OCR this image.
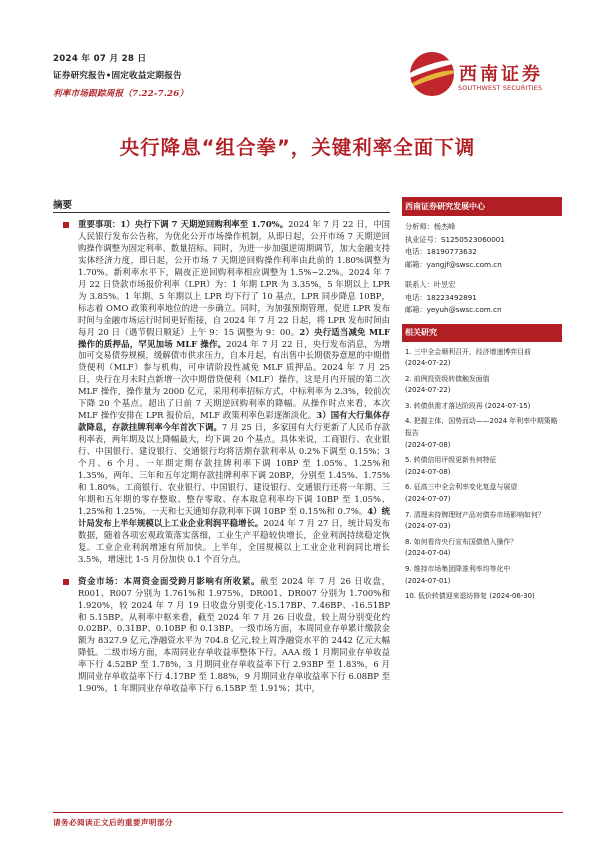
2024 年 07 月 28 日
证券研究报告•固定收益定期报告
利率市场跟踪周报（7.22-7.26）
西南证券
SOUTHWEST SECURITIES
央行降息“组合拳”，关键利率全面下调
摘要
重要事项：1）央行下调 7 天期逆回购利率至 1.70%。2024 年 7 月 22 日，中国人民银行发布公告称，为优化公开市场操作机制，从即日起，公开市场 7 天期逆回购操作调整为固定利率、数量招标。同时，为进一步加强逆周期调节，加大金融支持实体经济力度，即日起，公开市场 7 天期逆回购操作利率由此前的 1.80%调整为 1.70%。新利率水平下，隔夜正逆回购利率相应调整为 1.5%~2.2%。2024 年 7 月 22 日贷款市场报价利率（LPR）为：1 年期 LPR 为 3.35%，5 年期以上 LPR 为 3.85%。1 年期、5 年期以上 LPR 均下行了 10 基点，LPR 同步降息 10BP，标志着 OMO 政策利率地位的进一步确立。同时，为加强预期管理，促进 LPR 发布时间与金融市场运行时间更好衔接，自 2024 年 7 月 22 日起，将 LPR 发布时间由每月 20 日（遇节假日顺延）上午 9：15 调整为 9：00。2）央行适当减免 MLF 操作的质押品，罕见加场 MLF 操作。2024 年 7 月 22 日，央行发布消息，为增加可交易债券规模，缓解债市供求压力，自本月起，有出售中长期债券意愿的中期借贷便利（MLF）参与机构，可申请阶段性减免 MLF 质押品。2024 年 7 月 25 日，央行在月末时点新增一次中期借贷便利（MLF）操作，这是月内开展的第二次 MLF 操作，操作量为 2000 亿元，采用利率招标方式，中标利率为 2.3%，较前次下降 20 个基点。超出了日前 7 天期逆回购利率的降幅。从操作时点来看，本次 MLF 操作安排在 LPR 报价后，MLF 政策利率色彩逐渐淡化。3）国有大行集体存款降息，存款挂牌利率今年首次下调。7 月 25 日，多家国有大行更新了人民币存款利率表，两年期及以上降幅最大，均下调 20 个基点。具体来说，工商银行、农业银行、中国银行、建设银行、交通银行均将活期存款利率从 0.2%下调至 0.15%；3 个月、6 个月、一年期定期存款挂牌利率下调 10BP 至 1.05%、1.25%和 1.35%，两年、三年和五年定期存款挂牌利率下调 20BP，分别至 1.45%、1.75%和 1.80%。工商银行、农业银行、中国银行、建设银行、交通银行还将一年期、三年期和五年期的零存整取、整存零取、存本取息利率均下调 10BP 至 1.05%、1.25%和 1.25%。一天和七天通知存款利率下调 10BP 至 0.15%和 0.7%。4）统计局发布上半年规模以上工业企业利润平稳增长。2024 年 7 月 27 日，统计局发布数据，随着各项宏观政策落实落细，工业生产平稳较快增长，企业利润持续稳定恢复。工业企业利润增速有所加快。上半年，全国规模以上工业企业利润同比增长 3.5%，增速比 1-5 月份加快 0.1 个百分点。
资金市场：本周资金面受跨月影响有所收紧。截至 2024 年 7 月 26 日收盘，R001、R007 分别为 1.761%和 1.975%，DR001、DR007 分别为 1.700%和 1.920%，较 2024 年 7 月 19 日收盘分别变化-15.17BP、7.46BP、-16.51BP 和 5.15BP。从利率中枢来看，截至 2024 年 7 月 26 日收盘，较上周分别变化约 0.02BP、0.31BP、0.10BP 和 0.13BP。一级市场方面，本周同业存单累计缴款金额为 8327.9 亿元,净融资水平为 704.8 亿元,较上周净融资水平的 2442 亿元大幅降低。二级市场方面，本周同业存单收益率整体下行。AAA 级 1 月期同业存单收益率下行 4.52BP 至 1.78%，3 月期同业存单收益率下行 2.93BP 至 1.83%，6 月期同业存单收益率下行 4.17BP 至 1.88%，9 月期同业存单收益率下行 6.08BP 至 1.90%，1 年期同业存单收益率下行 6.15BP 至 1.91%；其中，
西南证券研究发展中心
分析师：杨杰峰
执业证号：S1250523060001
电话：18190773632
邮箱：yangjf@swsc.com.cn
联系人：叶昱宏
电话：18223492891
邮箱：yeyuh@swsc.com.cn
相关研究
1. 三中全会顺利召开，经济增速博弈目前
(2024-07-22)
2. 前例投资级转债触发面值
(2024-07-22)
3. 转债供需才落达阶段再 (2024-07-15)
4. 把握主体，国势而动——2024 年利率中期策略报告
(2024-07-08)
5. 转债信用评级更新有何特征
(2024-07-08)
6. 征高三中全会利率变化复盘与展望
(2024-07-07)
7. 清理未持牌理财产品对债券市场影响如何？
(2024-07-03)
8. 如何看待央行宣布国债借入操作？
(2024-07-04)
9. 维持市场集团降准利率均等化中
(2024-07-01)
10. 低价转债迎来退坊修复 (2024-06-30)
请务必阅读正文后的重要声明部分
